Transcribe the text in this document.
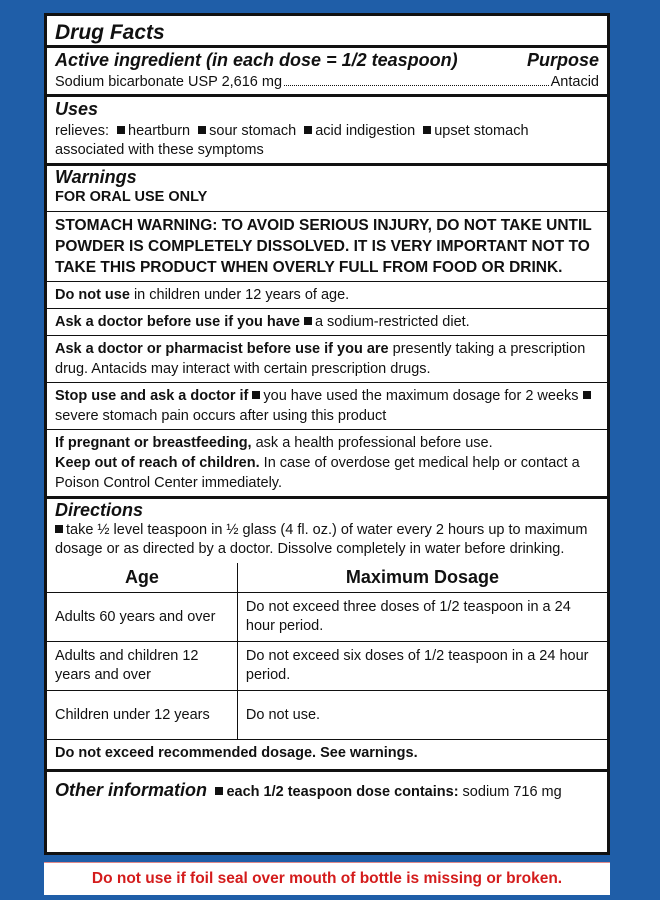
Drug Facts
Active ingredient (in each dose = 1/2 teaspoon)	Purpose
Sodium bicarbonate USP 2,616 mg	Antacid
Uses
relieves: heartburn sour stomach acid indigestion upset stomach associated with these symptoms
Warnings
FOR ORAL USE ONLY
STOMACH WARNING: TO AVOID SERIOUS INJURY, DO NOT TAKE UNTIL POWDER IS COMPLETELY DISSOLVED. IT IS VERY IMPORTANT NOT TO TAKE THIS PRODUCT WHEN OVERLY FULL FROM FOOD OR DRINK.
Do not use in children under 12 years of age.
Ask a doctor before use if you have a sodium-restricted diet.
Ask a doctor or pharmacist before use if you are presently taking a prescription drug. Antacids may interact with certain prescription drugs.
Stop use and ask a doctor if you have used the maximum dosage for 2 weekssevere stomach pain occurs after using this product
If pregnant or breastfeeding, ask a health professional before use.
Keep out of reach of children. In case of overdose get medical help or contact a Poison Control Center immediately.
Directions
take ½ level teaspoon in ½ glass (4 fl. oz.) of water every 2 hours up to maximum dosage or as directed by a doctor. Dissolve completely in water before drinking.
Age	Maximum Dosage
Adults 60 years and over	Do not exceed three doses of 1/2 teaspoon in a 24 hour period.
Adults and children 12 years and over	Do not exceed six doses of 1/2 teaspoon in a 24 hour period.
Children under 12 years	Do not use.
Do not exceed recommended dosage. See warnings.
Other information each 1/2 teaspoon dose contains: sodium 716 mg
Do not use if foil seal over mouth of bottle is missing or broken.
